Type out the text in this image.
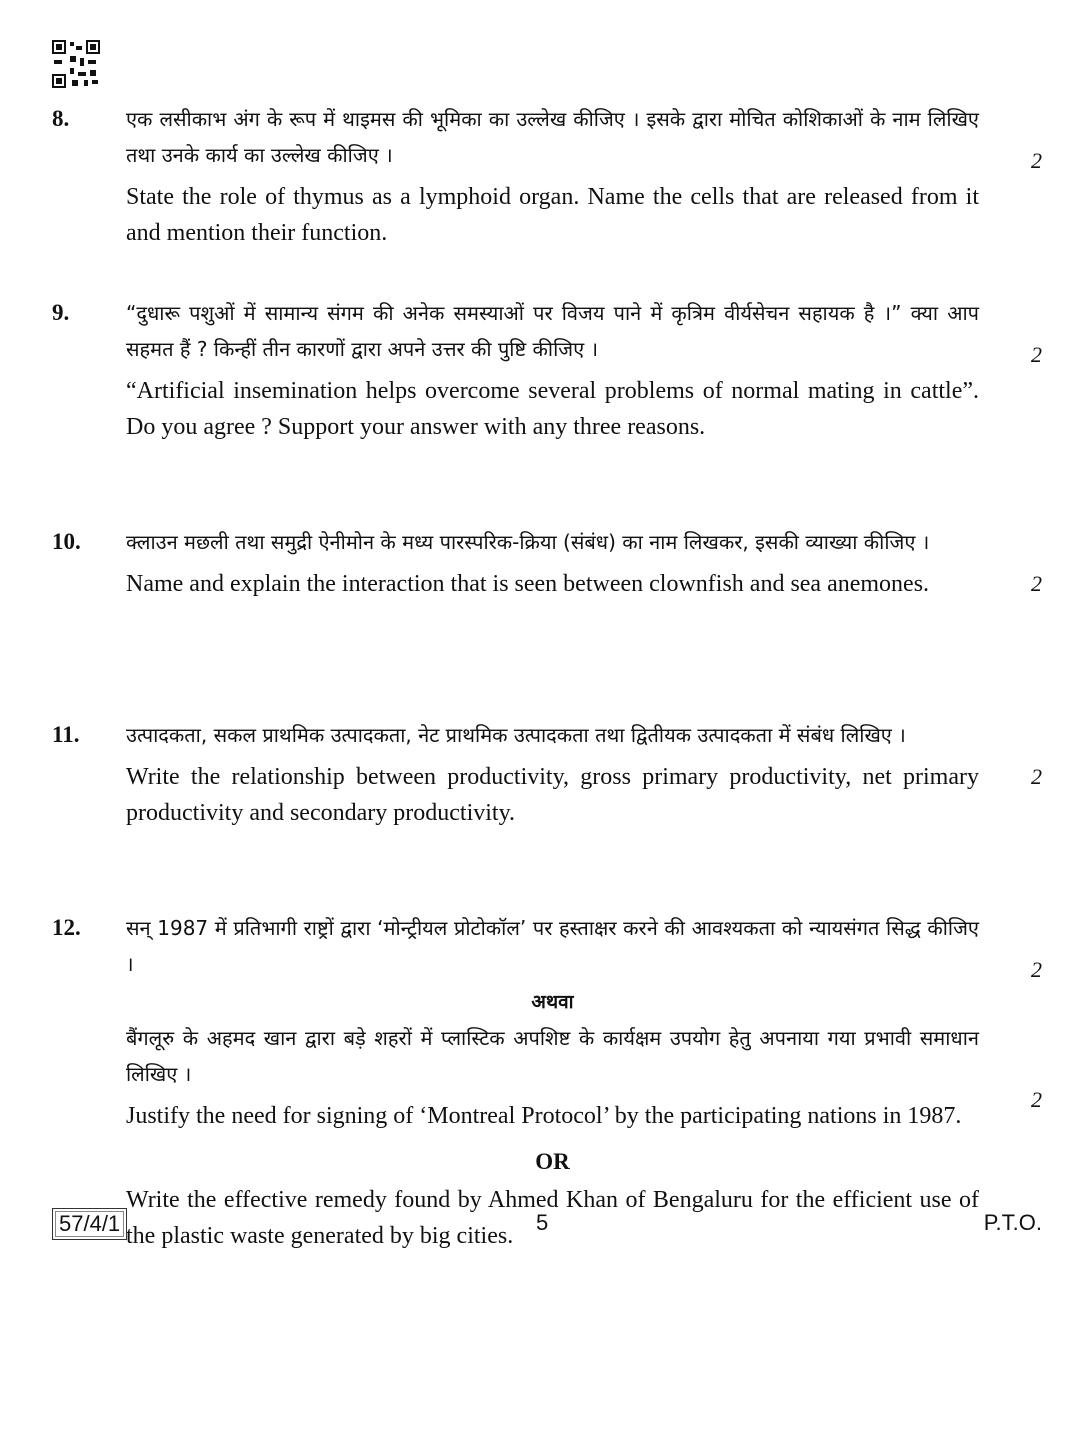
8.
2

एक लसीकाभ अंग के रूप में थाइमस की भूमिका का उल्लेख कीजिए । इसके द्वारा मोचित कोशिकाओं के नाम लिखिए तथा उनके कार्य का उल्लेख कीजिए ।

State the role of thymus as a lymphoid organ. Name the cells that are released from it and mention their function.

9.
2

“दुधारू पशुओं में सामान्य संगम की अनेक समस्याओं पर विजय पाने में कृत्रिम वीर्यसेचन सहायक है ।” क्या आप सहमत हैं ? किन्हीं तीन कारणों द्वारा अपने उत्तर की पुष्टि कीजिए ।

“Artificial insemination helps overcome several problems of normal mating in cattle”. Do you agree ? Support your answer with any three reasons.

10.
2

क्लाउन मछली तथा समुद्री ऐनीमोन के मध्य पारस्परिक-क्रिया (संबंध) का नाम लिखकर, इसकी व्याख्या कीजिए ।

Name and explain the interaction that is seen between clownfish and sea anemones.

11.
2

उत्पादकता, सकल प्राथमिक उत्पादकता, नेट प्राथमिक उत्पादकता तथा द्वितीयक उत्पादकता में संबंध लिखिए ।

Write the relationship between productivity, gross primary productivity, net primary productivity and secondary productivity.

12.
2
2

सन् 1987 में प्रतिभागी राष्ट्रों द्वारा ‘मोन्ट्रीयल प्रोटोकॉल’ पर हस्ताक्षर करने की आवश्यकता को न्यायसंगत सिद्ध कीजिए ।

अथवा

बैंगलूरु के अहमद खान द्वारा बड़े शहरों में प्लास्टिक अपशिष्ट के कार्यक्षम उपयोग हेतु अपनाया गया प्रभावी समाधान लिखिए ।

Justify the need for signing of ‘Montreal Protocol’ by the participating nations in 1987.

OR

Write the effective remedy found by Ahmed Khan of Bengaluru for the efficient use of the plastic waste generated by big cities.

57/4/1	5	P.T.O.
